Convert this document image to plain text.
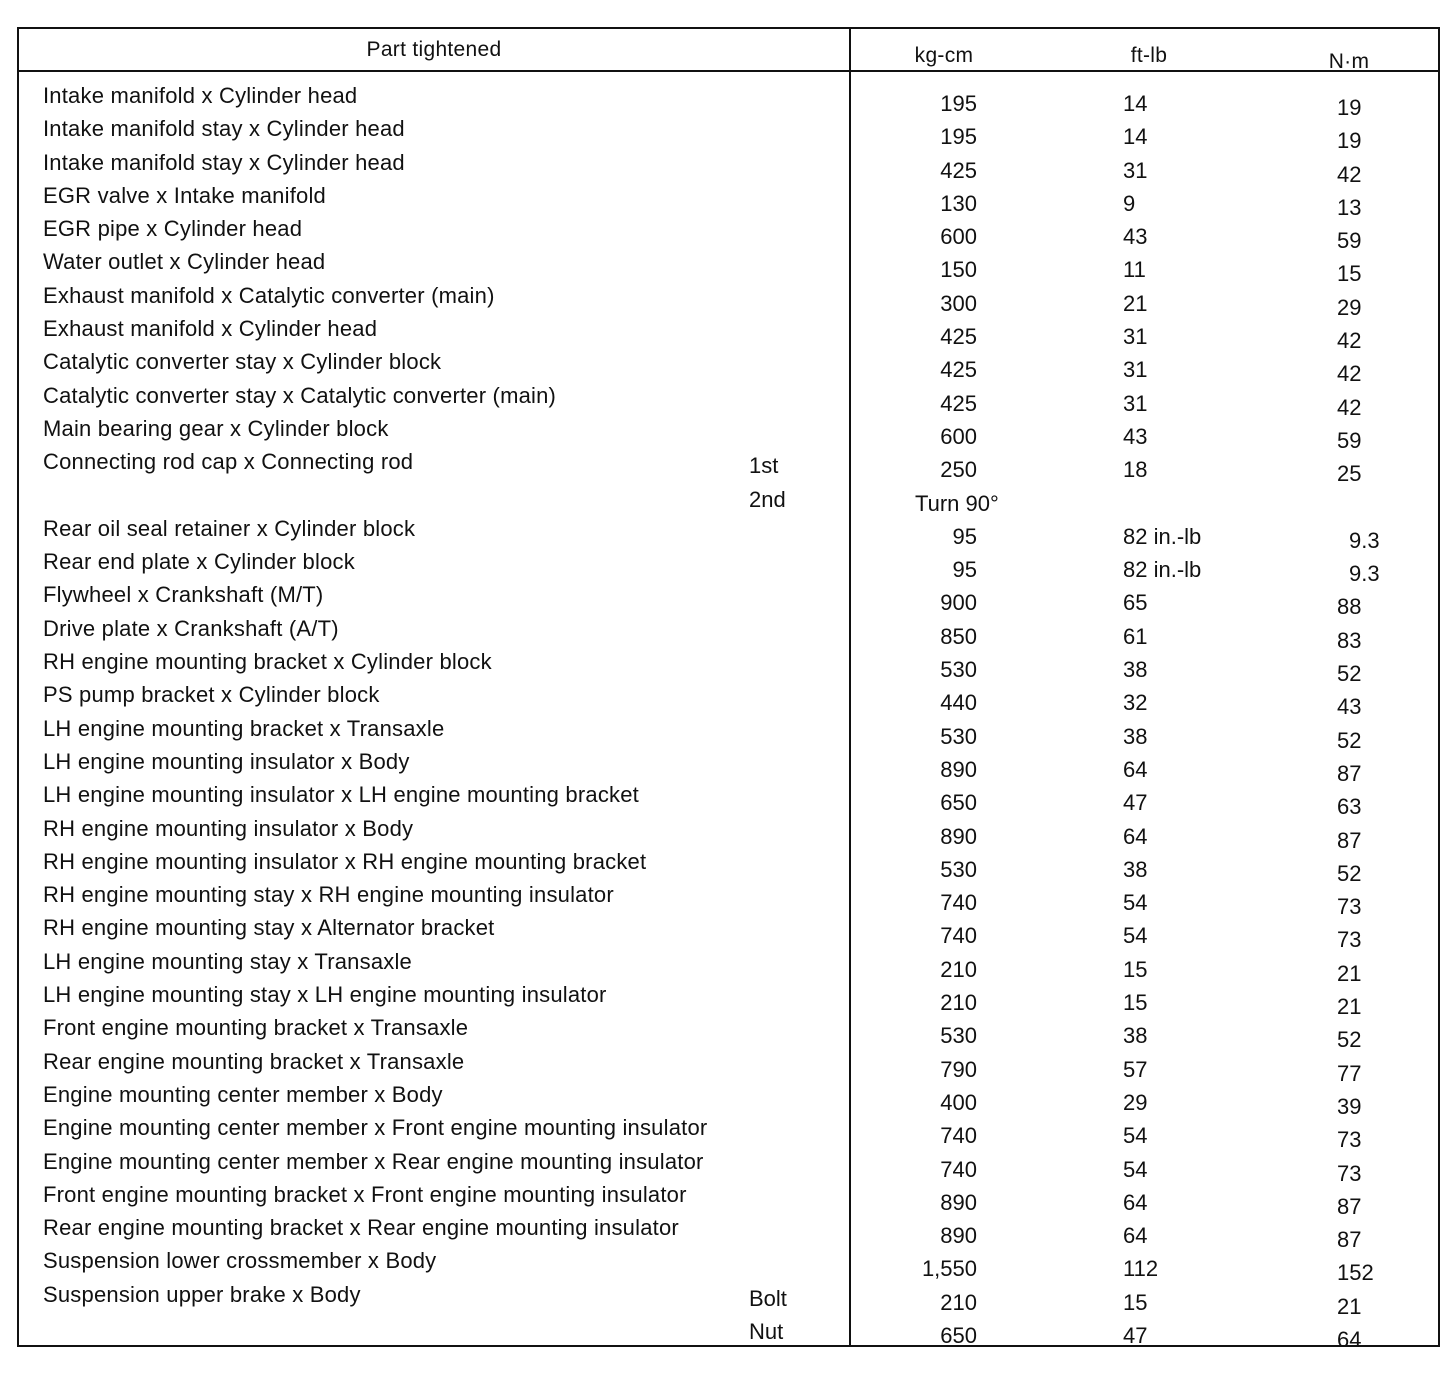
Part tightened	kg-cm	ft-lb	N·m
Intake manifold x Cylinder head	195	14	19
Intake manifold stay x Cylinder head	195	14	19
Intake manifold stay x Cylinder head	425	31	42
EGR valve x Intake manifold	130	9	13
EGR pipe x Cylinder head	600	43	59
Water outlet x Cylinder head	150	11	15
Exhaust manifold x Catalytic converter (main)	300	21	29
Exhaust manifold x Cylinder head	425	31	42
Catalytic converter stay x Cylinder block	425	31	42
Catalytic converter stay x Catalytic converter (main)	425	31	42
Main bearing gear x Cylinder block	600	43	59
Connecting rod cap x Connecting rod	1st	250	18	25
2nd	Turn 90°
Rear oil seal retainer x Cylinder block	95	82 in.-lb	9.3
Rear end plate x Cylinder block	95	82 in.-lb	9.3
Flywheel x Crankshaft (M/T)	900	65	88
Drive plate x Crankshaft (A/T)	850	61	83
RH engine mounting bracket x Cylinder block	530	38	52
PS pump bracket x Cylinder block	440	32	43
LH engine mounting bracket x Transaxle	530	38	52
LH engine mounting insulator x Body	890	64	87
LH engine mounting insulator x LH engine mounting bracket	650	47	63
RH engine mounting insulator x Body	890	64	87
RH engine mounting insulator x RH engine mounting bracket	530	38	52
RH engine mounting stay x RH engine mounting insulator	740	54	73
RH engine mounting stay x Alternator bracket	740	54	73
LH engine mounting stay x Transaxle	210	15	21
LH engine mounting stay x LH engine mounting insulator	210	15	21
Front engine mounting bracket x Transaxle	530	38	52
Rear engine mounting bracket x Transaxle	790	57	77
Engine mounting center member x Body	400	29	39
Engine mounting center member x Front engine mounting insulator	740	54	73
Engine mounting center member x Rear engine mounting insulator	740	54	73
Front engine mounting bracket x Front engine mounting insulator	890	64	87
Rear engine mounting bracket x Rear engine mounting insulator	890	64	87
Suspension lower crossmember x Body	1,550	112	152
Suspension upper brake x Body	Bolt	210	15	21
Nut	650	47	64
